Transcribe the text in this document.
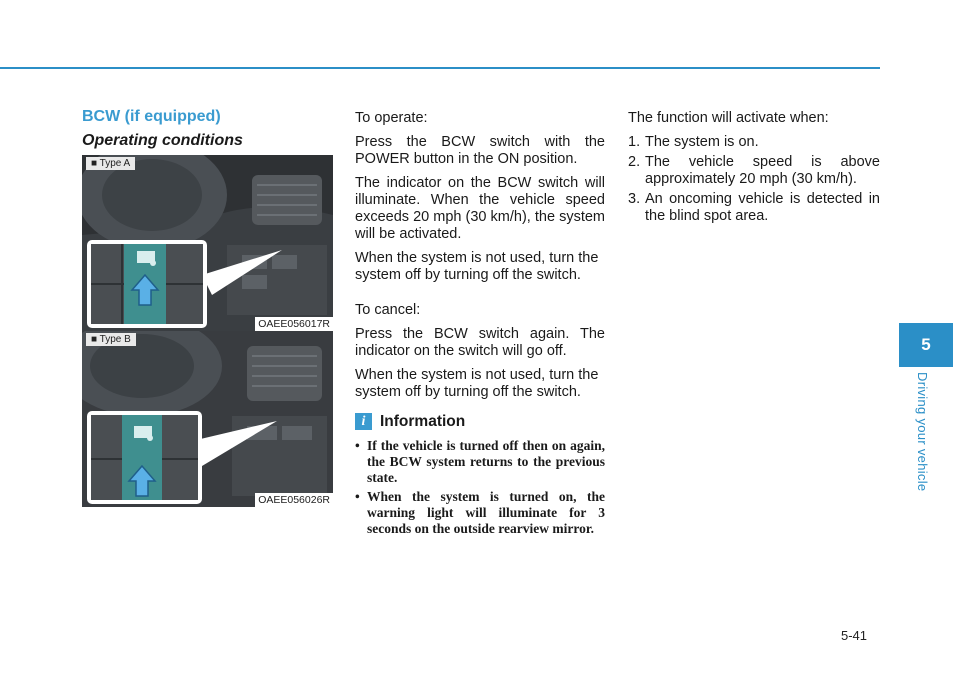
BCW (if equipped)
Operating conditions
■ Type A
OAEE056017R
■ Type B
OAEE056026R

To operate:

Press the BCW switch with the POWER button in the ON position.

The indicator on the BCW switch will illuminate. When the vehicle speed exceeds 20 mph (30 km/h), the system will be activated.

When the system is not used, turn the system off by turning off the switch.

To cancel:

Press the BCW switch again. The indicator on the switch will go off.

When the system is not used, turn the system off by turning off the switch.

i Information
• If the vehicle is turned off then on again, the BCW system returns to the previous state.
• When the system is turned on, the warning light will illuminate for 3 seconds on the outside rearview mirror.

The function will activate when:

1. The system is on.
2. The vehicle speed is above approximately 20 mph (30 km/h).
3. An oncoming vehicle is detected in the blind spot area.
5
Driving your vehicle
5-41
